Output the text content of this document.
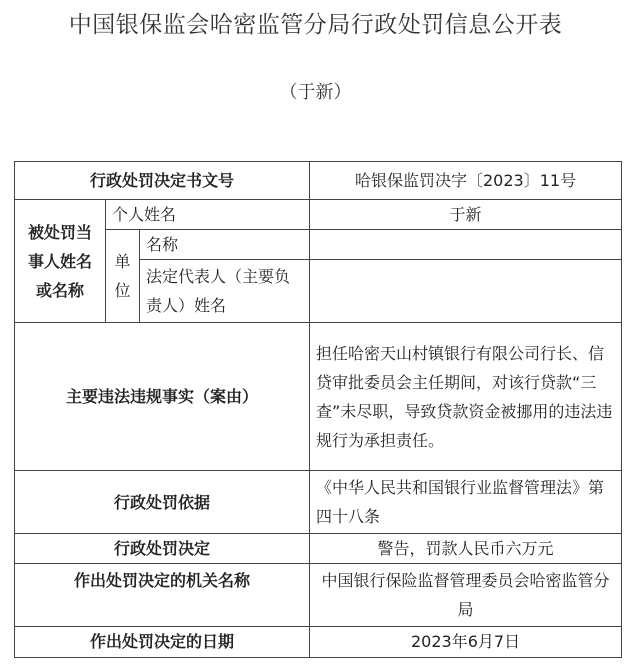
中国银保监会哈密监管分局行政处罚信息公开表
（于新）
行政处罚决定书文号			哈银保监罚决字〔2023〕11号
被处罚当事人姓名或名称	个人姓名		于新
	单位	名称	
		法定代表人（主要负责人）姓名	
主要违法违规事实（案由）			担任哈密天山村镇银行有限公司行长、信贷审批委员会主任期间，对该行贷款“三查”未尽职，导致贷款资金被挪用的违法违规行为承担责任。
行政处罚依据			《中华人民共和国银行业监督管理法》第四十八条
行政处罚决定			警告，罚款人民币六万元
作出处罚决定的机关名称			中国银行保险监督管理委员会哈密监管分局
作出处罚决定的日期			2023年6月7日
